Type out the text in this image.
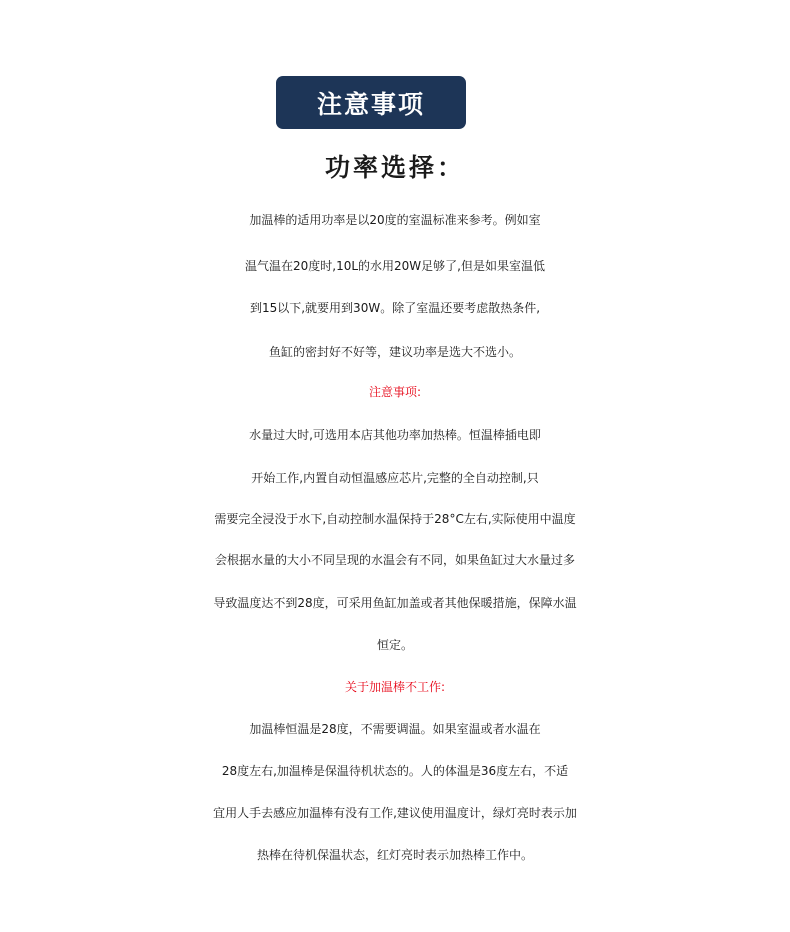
注意事项
功率选择：
加温棒的适用功率是以20度的室温标准来参考。例如室
温气温在20度时,10L的水用20W足够了,但是如果室温低
到15以下,就要用到30W。除了室温还要考虑散热条件,
鱼缸的密封好不好等，建议功率是选大不选小。
注意事项:
水量过大时,可选用本店其他功率加热棒。恒温棒插电即
开始工作,内置自动恒温感应芯片,完整的全自动控制,只
需要完全浸没于水下,自动控制水温保持于28°C左右,实际使用中温度
会根据水量的大小不同呈现的水温会有不同，如果鱼缸过大水量过多
导致温度达不到28度，可采用鱼缸加盖或者其他保暖措施，保障水温
恒定。
关于加温棒不工作:
加温棒恒温是28度，不需要调温。如果室温或者水温在
28度左右,加温棒是保温待机状态的。人的体温是36度左右，不适
宜用人手去感应加温棒有没有工作,建议使用温度计，绿灯亮时表示加
热棒在待机保温状态，红灯亮时表示加热棒工作中。
